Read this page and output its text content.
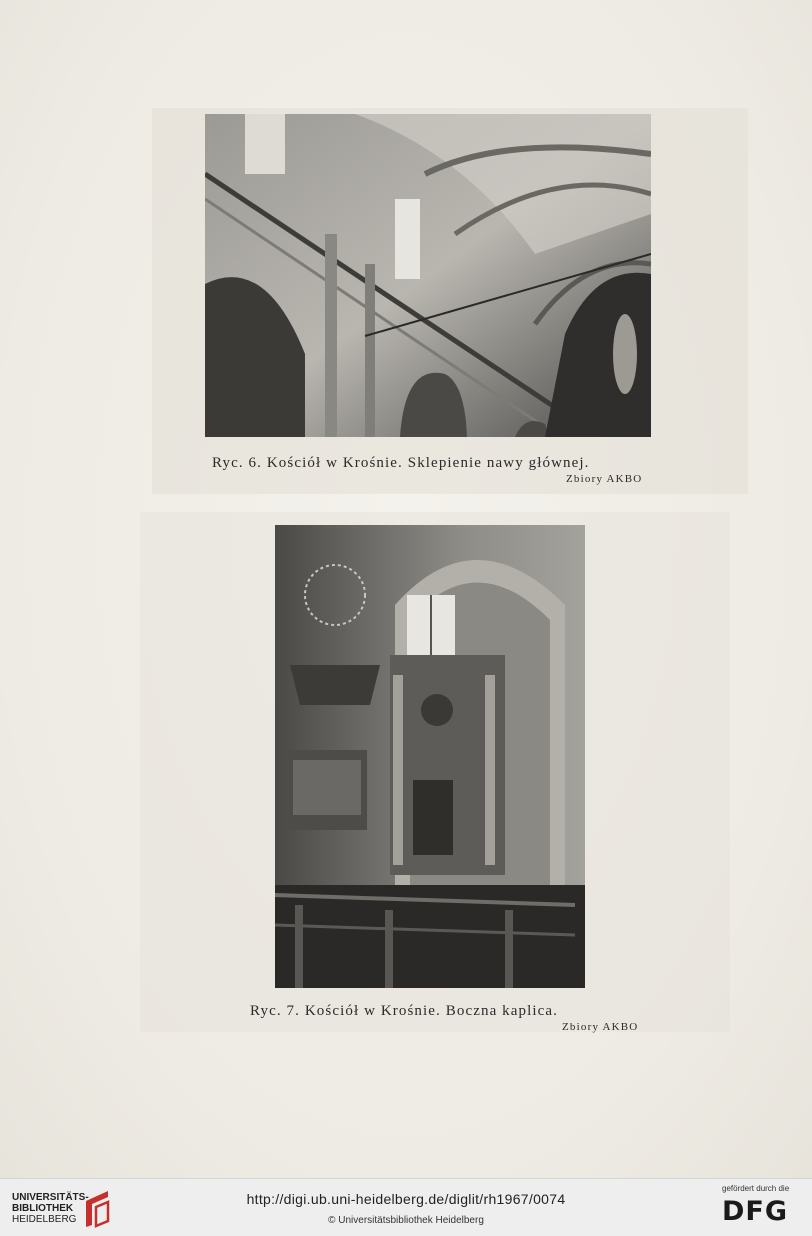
Ryc. 6. Kościół w Krośnie. Sklepienie nawy głównej.
Zbiory AKBO
Ryc. 7. Kościół w Krośnie. Boczna kaplica.
Zbiory AKBO
UNIVERSITÄTS-
BIBLIOTHEK
HEIDELBERG
http://digi.ub.uni-heidelberg.de/diglit/rh1967/0074
© Universitätsbibliothek Heidelberg
gefördert durch die
DFG
